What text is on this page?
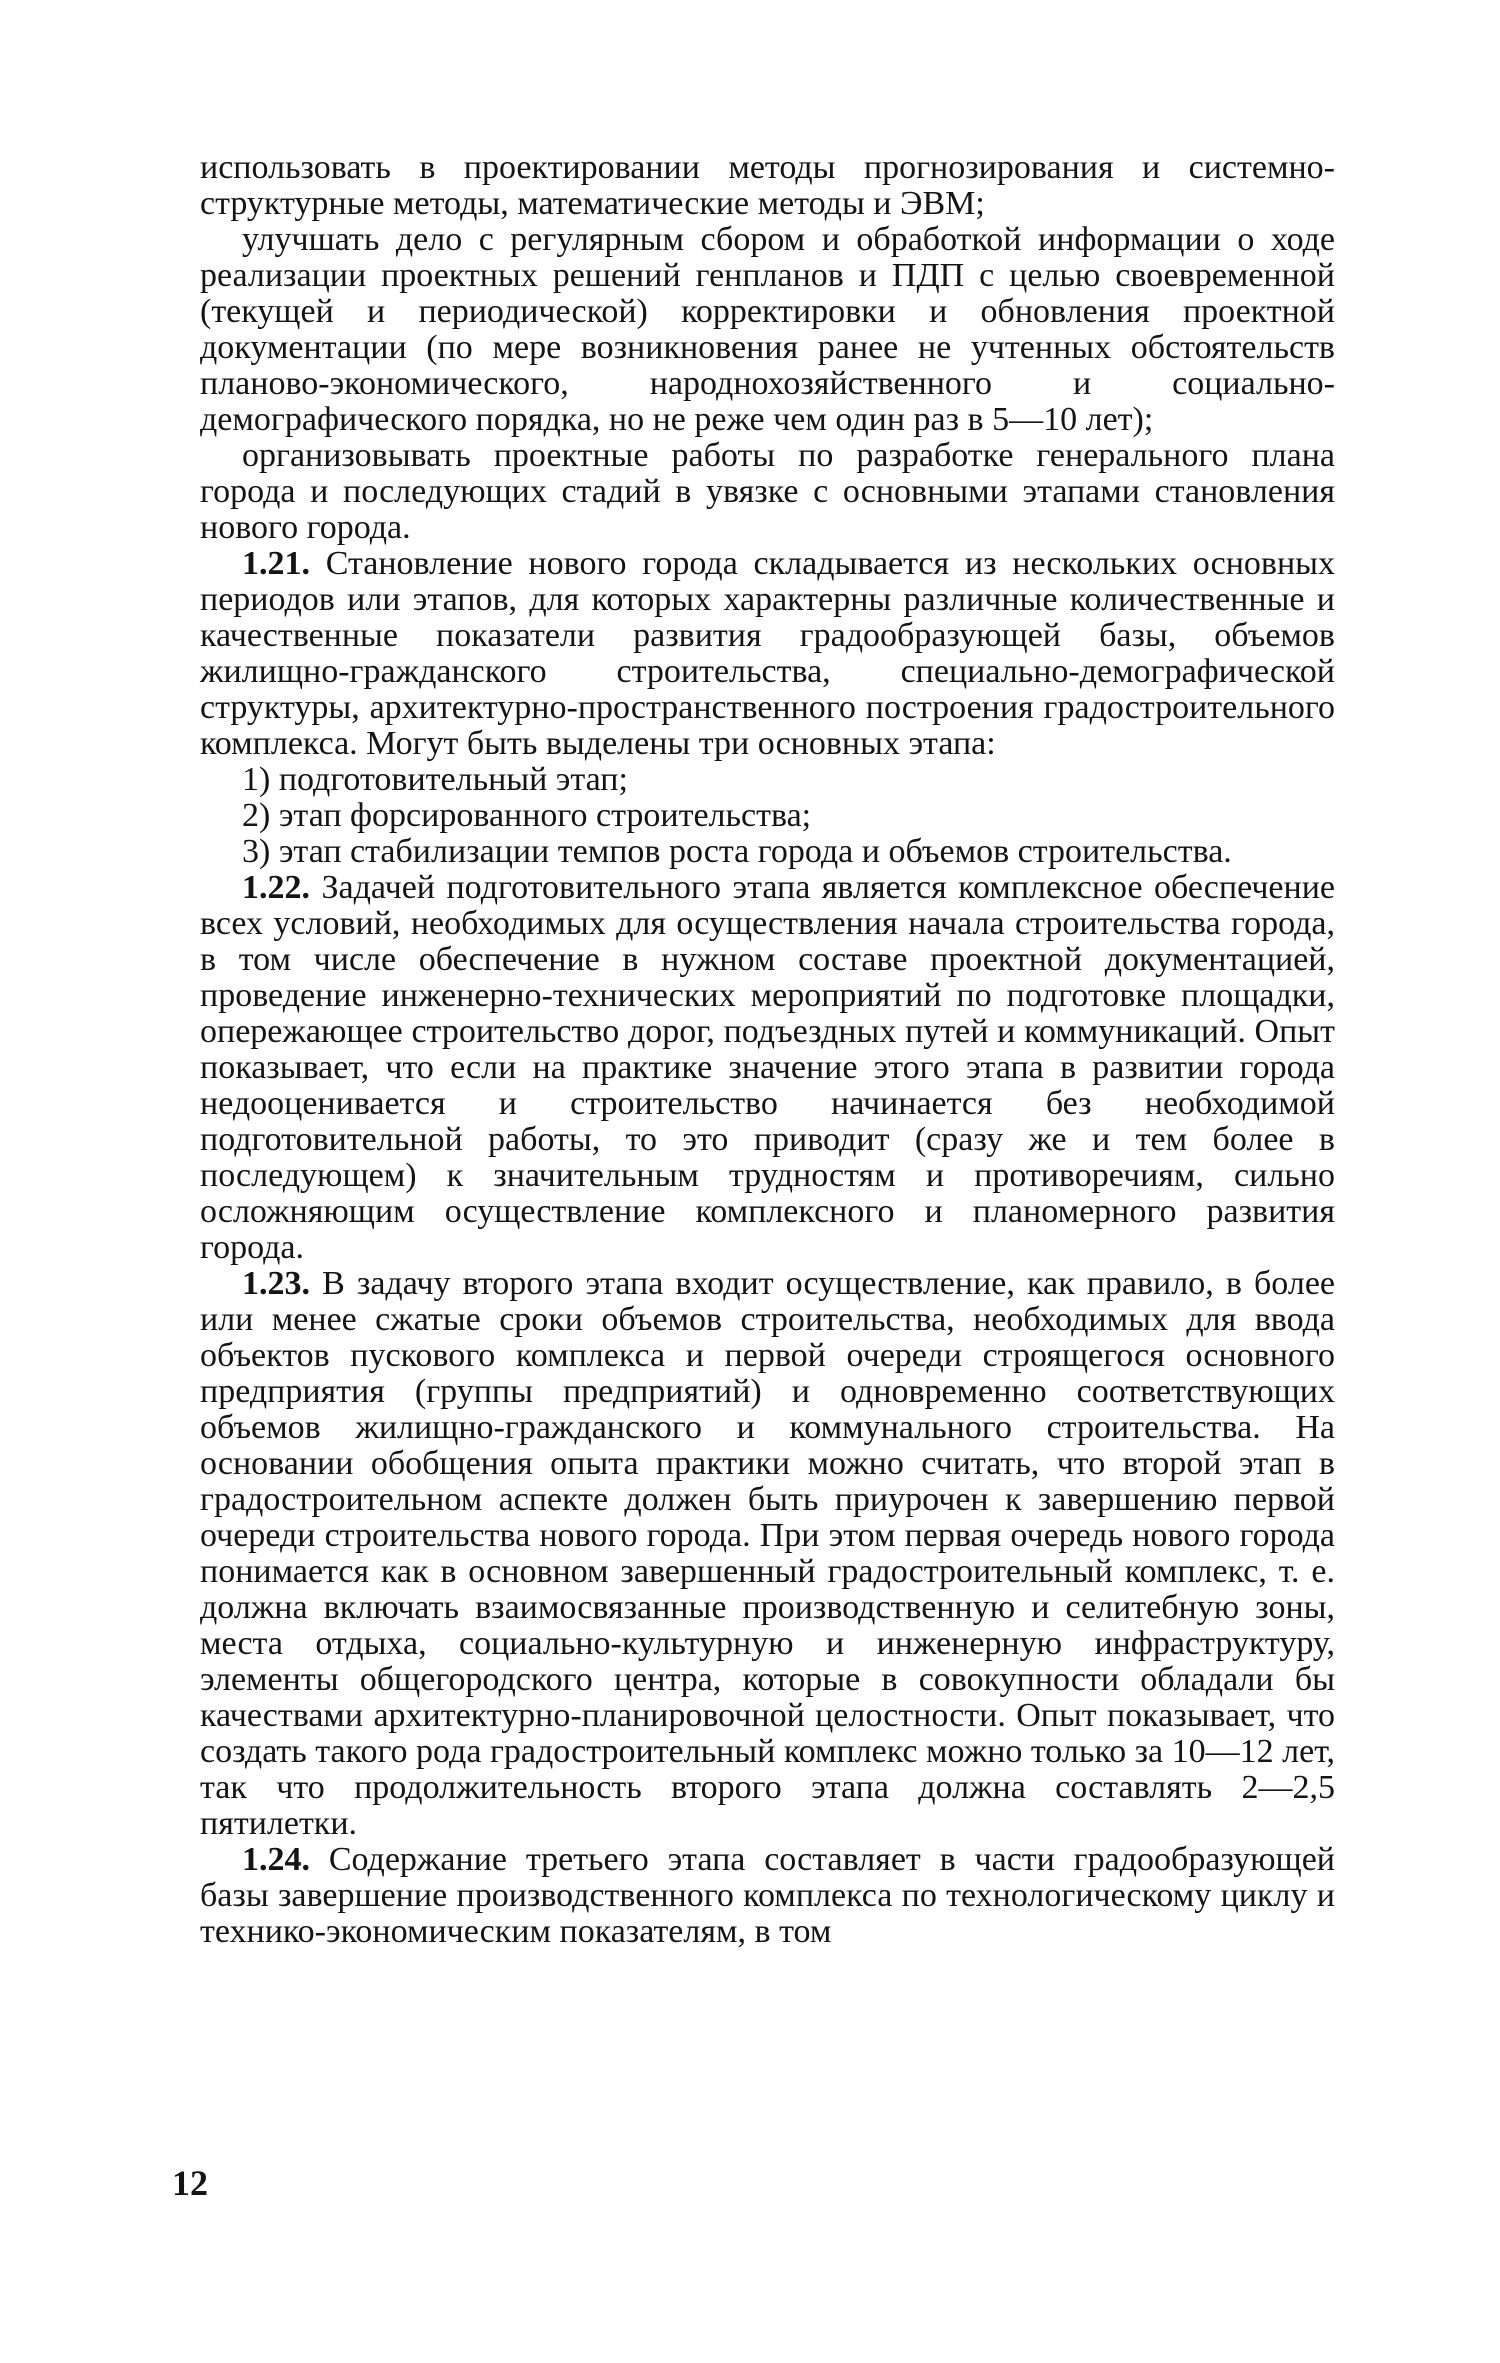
использовать в проектировании методы прогнозирования и системно-структурные методы, математические методы и ЭВМ;

улучшать дело с регулярным сбором и обработкой информации о ходе реализации проектных решений генпланов и ПДП с целью своевременной (текущей и периодической) корректировки и обновления проектной документации (по мере возникновения ранее не учтенных обстоятельств планово-экономического, народнохозяйственного и социально-демографического порядка, но не реже чем один раз в 5—10 лет);

организовывать проектные работы по разработке генерального плана города и последующих стадий в увязке с основными этапами становления нового города.

1.21. Становление нового города складывается из нескольких основных периодов или этапов, для которых характерны различные количественные и качественные показатели развития градообразующей базы, объемов жилищно-гражданского строительства, специально-демографической структуры, архитектурно-пространственного построения градостроительного комплекса. Могут быть выделены три основных этапа:

1) подготовительный этап;

2) этап форсированного строительства;

3) этап стабилизации темпов роста города и объемов строительства.

1.22. Задачей подготовительного этапа является комплексное обеспечение всех условий, необходимых для осуществления начала строительства города, в том числе обеспечение в нужном составе проектной документацией, проведение инженерно-технических мероприятий по подготовке площадки, опережающее строительство дорог, подъездных путей и коммуникаций. Опыт показывает, что если на практике значение этого этапа в развитии города недооценивается и строительство начинается без необходимой подготовительной работы, то это приводит (сразу же и тем более в последующем) к значительным трудностям и противоречиям, сильно осложняющим осуществление комплексного и планомерного развития города.

1.23. В задачу второго этапа входит осуществление, как правило, в более или менее сжатые сроки объемов строительства, необходимых для ввода объектов пускового комплекса и первой очереди строящегося основного предприятия (группы предприятий) и одновременно соответствующих объемов жилищно-гражданского и коммунального строительства. На основании обобщения опыта практики можно считать, что второй этап в градостроительном аспекте должен быть приурочен к завершению первой очереди строительства нового города. При этом первая очередь нового города понимается как в основном завершенный градостроительный комплекс, т. е. должна включать взаимосвязанные производственную и селитебную зоны, места отдыха, социально-культурную и инженерную инфраструктуру, элементы общегородского центра, которые в совокупности обладали бы качествами архитектурно-планировочной целостности. Опыт показывает, что создать такого рода градостроительный комплекс можно только за 10—12 лет, так что продолжительность второго этапа должна составлять 2—2,5 пятилетки.

1.24. Содержание третьего этапа составляет в части градообразующей базы завершение производственного комплекса по технологическому циклу и технико-экономическим показателям, в том

12
